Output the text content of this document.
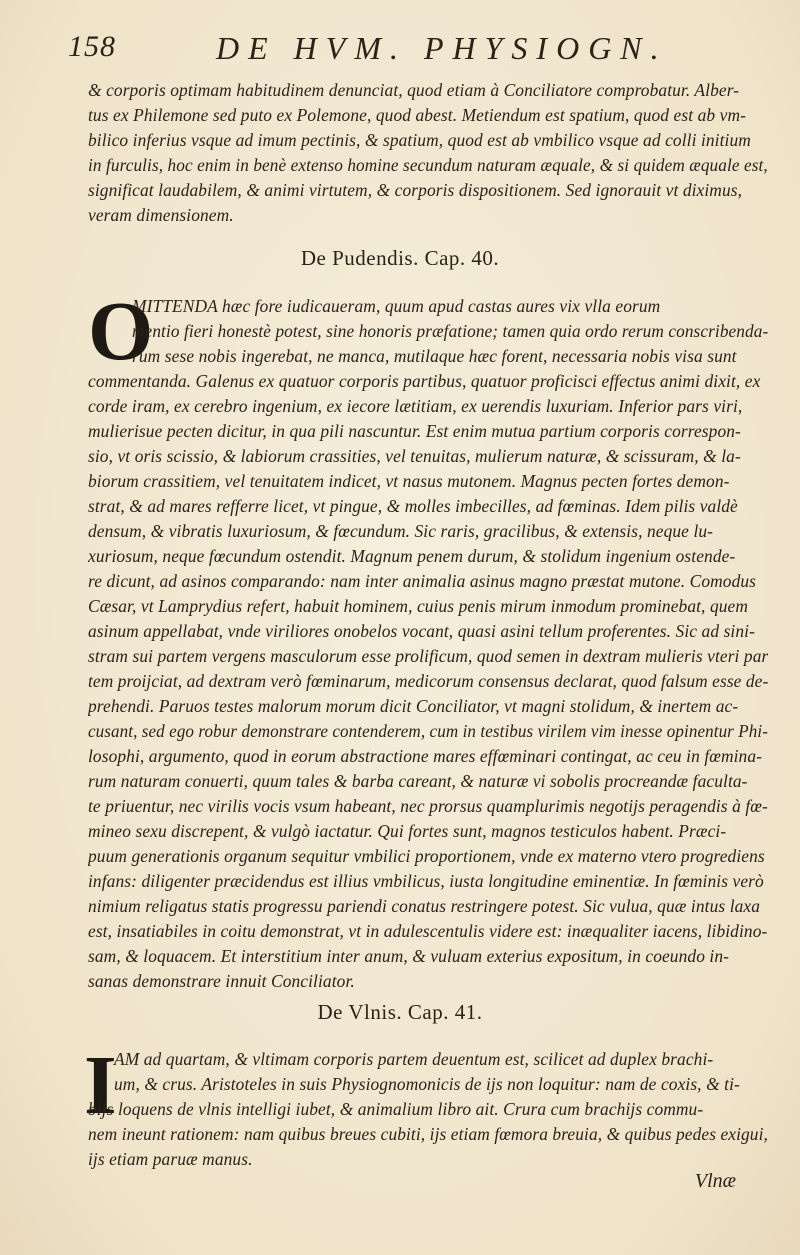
158	DE HVM. PHYSIOGN.
& corporis optimam habitudinem denunciat, quod etiam à Conciliatore comprobatur. Alber-
tus ex Philemone sed puto ex Polemone, quod abest. Metiendum est spatium, quod est ab vm-
bilico inferius vsque ad imum pectinis, & spatium, quod est ab vmbilico vsque ad colli initium
in furculis, hoc enim in benè extenso homine secundum naturam æquale, & si quidem æquale est,
significat laudabilem, & animi virtutem, & corporis dispositionem. Sed ignorauit vt diximus,
veram dimensionem.
De Pudendis. Cap. 40.
O
MITTENDA hæc fore iudicaueram, quum apud castas aures vix vlla eorum
mentio fieri honestè potest, sine honoris præfatione; tamen quia ordo rerum conscribenda-
rum sese nobis ingerebat, ne manca, mutilaque hæc forent, necessaria nobis visa sunt
commentanda. Galenus ex quatuor corporis partibus, quatuor proficisci effectus animi dixit, ex
corde iram, ex cerebro ingenium, ex iecore lætitiam, ex uerendis luxuriam. Inferior pars viri,
mulierisue pecten dicitur, in qua pili nascuntur. Est enim mutua partium corporis correspon-
sio, vt oris scissio, & labiorum crassities, vel tenuitas, mulierum naturæ, & scissuram, & la-
biorum crassitiem, vel tenuitatem indicet, vt nasus mutonem. Magnus pecten fortes demon-
strat, & ad mares refferre licet, vt pingue, & molles imbecilles, ad fœminas. Idem pilis valdè
densum, & vibratis luxuriosum, & fœcundum. Sic raris, gracilibus, & extensis, neque lu-
xuriosum, neque fœcundum ostendit. Magnum penem durum, & stolidum ingenium ostende-
re dicunt, ad asinos comparando: nam inter animalia asinus magno præstat mutone. Comodus
Cæsar, vt Lamprydius refert, habuit hominem, cuius penis mirum inmodum prominebat, quem
asinum appellabat, vnde viriliores onobelos vocant, quasi asini tellum proferentes. Sic ad sini-
stram sui partem vergens masculorum esse prolificum, quod semen in dextram mulieris vteri par
tem proijciat, ad dextram verò fœminarum, medicorum consensus declarat, quod falsum esse de-
prehendi. Paruos testes malorum morum dicit Conciliator, vt magni stolidum, & inertem ac-
cusant, sed ego robur demonstrare contenderem, cum in testibus virilem vim inesse opinentur Phi-
losophi, argumento, quod in eorum abstractione mares effœminari contingat, ac ceu in fœmina-
rum naturam conuerti, quum tales & barba careant, & naturæ vi sobolis procreandæ faculta-
te priuentur, nec virilis vocis vsum habeant, nec prorsus quamplurimis negotijs peragendis à fœ-
mineo sexu discrepent, & vulgò iactatur. Qui fortes sunt, magnos testiculos habent. Præci-
puum generationis organum sequitur vmbilici proportionem, vnde ex materno vtero progrediens
infans: diligenter præcidendus est illius vmbilicus, iusta longitudine eminentiæ. In fœminis verò
nimium religatus statis progressu pariendi conatus restringere potest. Sic vulua, quæ intus laxa
est, insatiabiles in coitu demonstrat, vt in adulescentulis videre est: inæqualiter iacens, libidino-
sam, & loquacem. Et interstitium inter anum, & vuluam exterius expositum, in coeundo in-
sanas demonstrare innuit Conciliator.
De Vlnis. Cap. 41.
I
AM ad quartam, & vltimam corporis partem deuentum est, scilicet ad duplex brachi-
um, & crus. Aristoteles in suis Physiognomonicis de ijs non loquitur: nam de coxis, & ti-
bijs loquens de vlnis intelligi iubet, & animalium libro ait. Crura cum brachijs commu-
nem ineunt rationem: nam quibus breues cubiti, ijs etiam fœmora breuia, & quibus pedes exigui,
ijs etiam paruæ manus.
Vlnæ
